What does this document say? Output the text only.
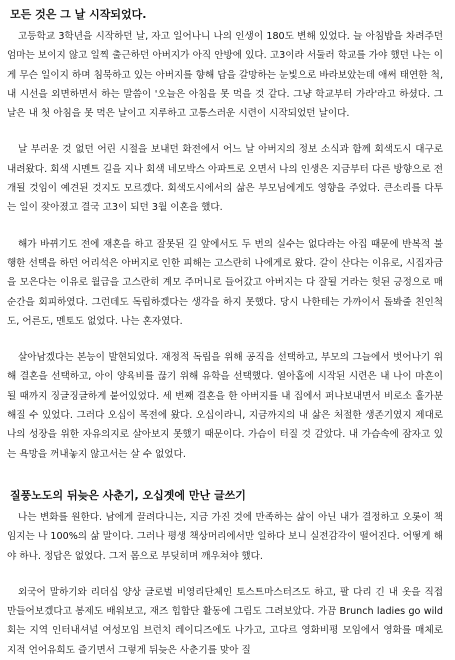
모든 것은 그 날 시작되었다.

고등학교 3학년을 시작하던 날, 자고 일어나니 나의 인생이 180도 변해 있었다. 늘 아침밥을 차려주던 엄마는 보이지 않고 일찍 출근하던 아버지가 아직 안방에 있다. 고3이라 서둘러 학교를 가야 했던 나는 이게 무슨 일이지 하며 침묵하고 있는 아버지를 향해 답을 갈망하는 눈빛으로 바라보았는데 애써 태연한 척, 내 시선을 외면하면서 하는 말씀이 '오늘은 아침을 못 먹을 것 같다. 그냥 학교부터 가라'라고 하셨다. 그날은 내 첫 아침을 못 먹은 날이고 지루하고 고통스러운 시련이 시작되었던 날이다.

날 부러운 것 없던 어린 시절을 보내던 화전에서 어느 날 아버지의 정보 소식과 함께 회색도시 대구로 내려왔다. 회색 시멘트 길을 지나 회색 네모박스 아파트로 오면서 나의 인생은 지금부터 다른 방향으로 전개될 것임이 예견된 것지도 모르겠다. 회색도시에서의 삶은 부모님에게도 영향을 주었다. 큰소리를 다투는 일이 잦아졌고 결국 고3이 되던 3월 이혼을 했다.

해가 바뀌기도 전에 재혼을 하고 잘못된 길 앞에서도 두 번의 실수는 없다라는 아집 때문에 반복적 불행한 선택을 하던 어리석은 아버지로 인한 피해는 고스란히 나에게로 왔다. 갈이 산다는 이유로, 시집자금을 모은다는 이유로 월급을 고스란히 계모 주머니로 들어갔고 아버지는 다 잘될 거라는 헛된 긍정으로 매순간을 회피하였다. 그런데도 독립하겠다는 생각을 하지 못했다. 당시 나한테는 가까이서 돌봐줄 친인척도, 어른도, 멘토도 없었다. 나는 혼자였다.

살아남겠다는 본능이 발현되었다. 재정적 독립을 위해 공직을 선택하고, 부모의 그늘에서 벗어나기 위해 결혼을 선택하고, 아이 양육비를 끊기 위해 유학을 선택했다. 열아홉에 시작된 시련은 내 나이 마흔이 될 때까지 징글징글하게 붙어있었다. 세 번째 결혼을 한 아버지를 내 집에서 퍼나보내면서 비로소 홀가분해질 수 있었다. 그러다 오십이 목전에 왔다. 오십이라니, 지금까지의 내 삶은 처절한 생존기였지 제대로 나의 성장을 위한 자유의지로 살아보지 못했기 때문이다. 가슴이 터질 것 같았다. 내 가슴속에 잠자고 있는 욕망을 꺼내놓지 않고서는 살 수 없었다.

질풍노도의 뒤늦은 사춘기, 오십곗에 만난 글쓰기

나는 변화를 원한다. 남에게 끌려다니는, 지금 가진 것에 만족하는 삶이 아닌 내가 결정하고 오롯이 책임지는 나 100%의 삶 말이다. 그러나 평생 책상머리에서만 일하다 보니 실전감각이 떨어진다. 어떻게 해야 하나. 정답은 없었다. 그저 몸으로 부딪히며 깨우쳐야 했다.

외국어 말하기와 리더십 양상 글로벌 비영리단체인 토스트마스터즈도 하고, 팔 다리 긴 내 옷을 직접 만들어보겠다고 봉제도 배워보고, 재즈 힙합단 활동에 그림도 그려보았다. 가끔 Brunch ladies go wild회는 지역 인터내셔널 여성모임 브런치 레이디즈에도 나가고, 고다르 영화비평 모임에서 영화를 매체로 지적 언어유희도 즐기면서 그렇게 뒤늦은 사춘기를 맞아 질
